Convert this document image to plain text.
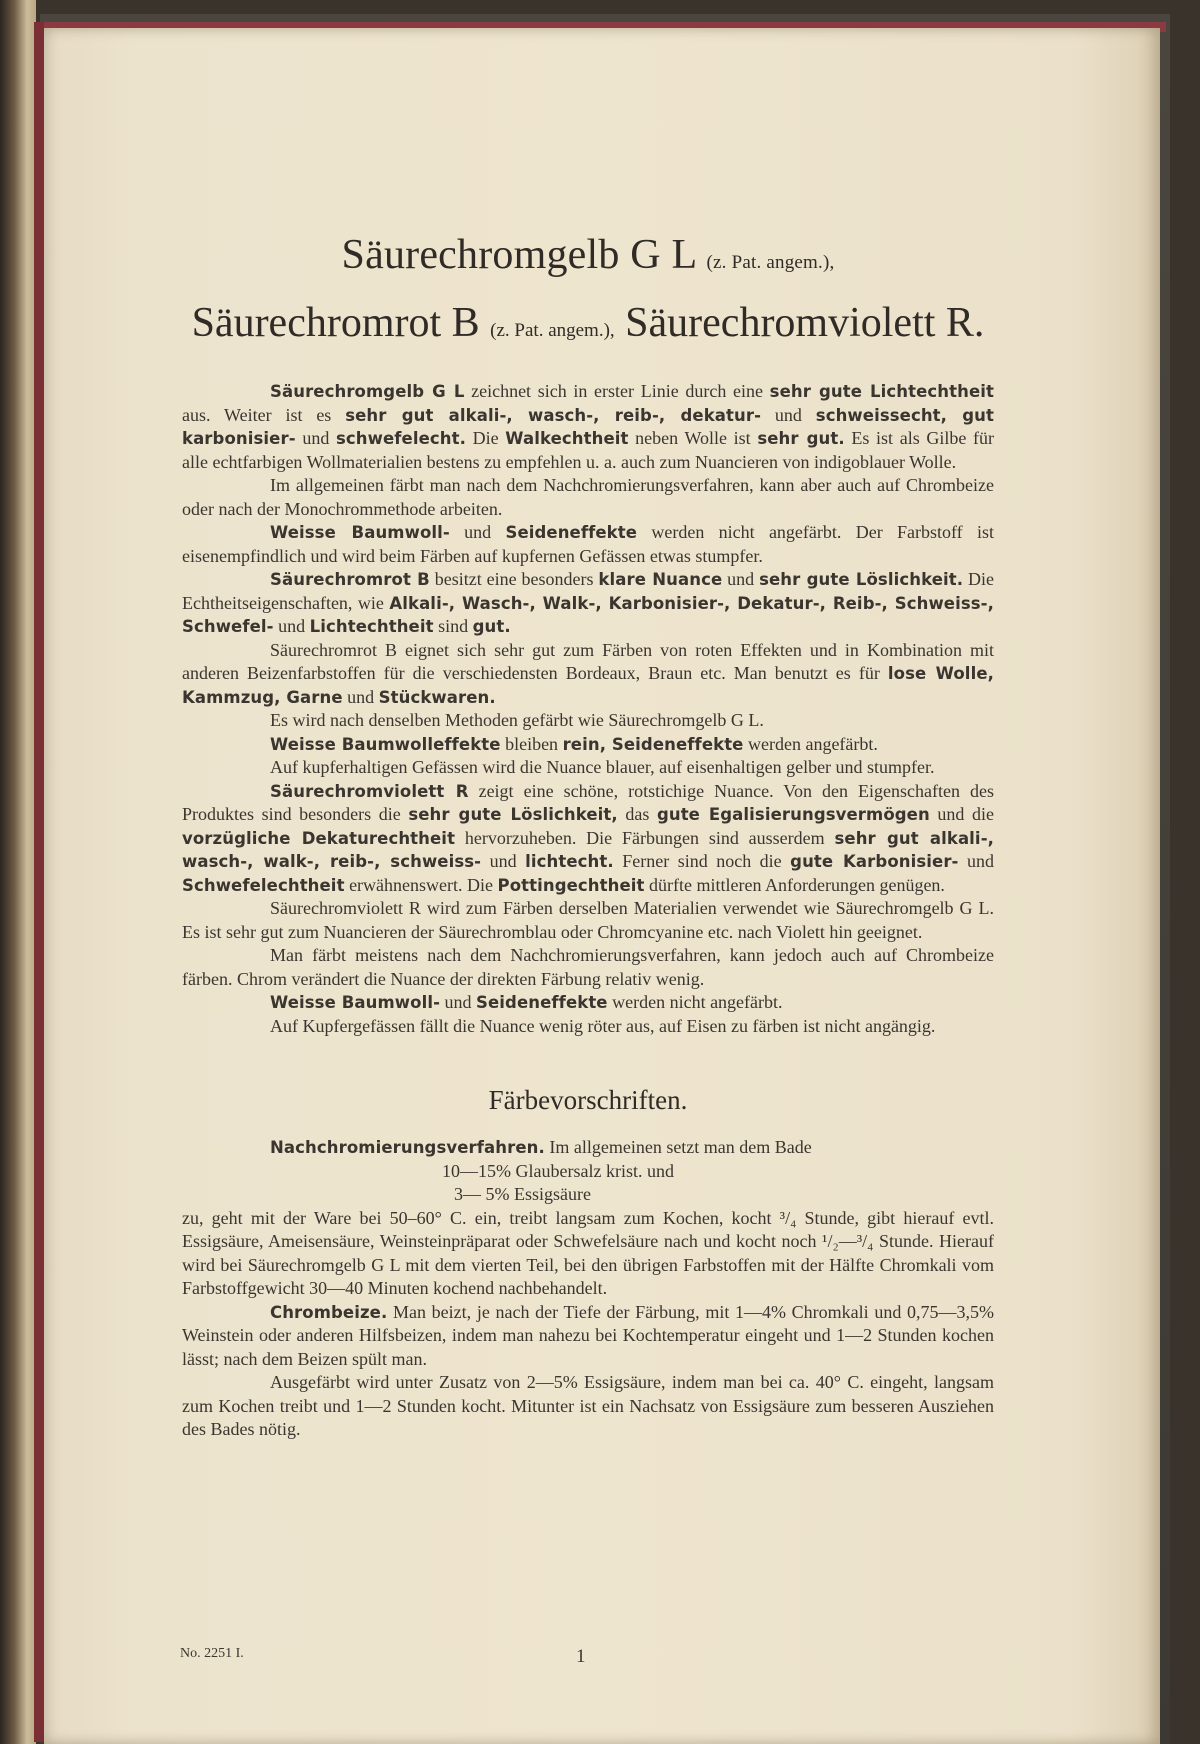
Säurechromgelb G L (z. Pat. angem.),
Säurechromrot B (z. Pat. angem.), Säurechromviolett R.

Säurechromgelb G L zeichnet sich in erster Linie durch eine sehr gute Lichtechtheit aus. Weiter ist es sehr gut alkali-, wasch-, reib-, dekatur- und schweissecht, gut karbonisier- und schwefelecht. Die Walkechtheit neben Wolle ist sehr gut. Es ist als Gilbe für alle echtfarbigen Wollmaterialien bestens zu empfehlen u. a. auch zum Nuancieren von indigoblauer Wolle.

Im allgemeinen färbt man nach dem Nachchromierungsverfahren, kann aber auch auf Chrombeize oder nach der Monochrommethode arbeiten.

Weisse Baumwoll- und Seideneffekte werden nicht angefärbt. Der Farbstoff ist eisenempfindlich und wird beim Färben auf kupfernen Gefässen etwas stumpfer.

Säurechromrot B besitzt eine besonders klare Nuance und sehr gute Löslichkeit. Die Echtheitseigenschaften, wie Alkali-, Wasch-, Walk-, Karbonisier-, Dekatur-, Reib-, Schweiss-, Schwefel- und Lichtechtheit sind gut.

Säurechromrot B eignet sich sehr gut zum Färben von roten Effekten und in Kombination mit anderen Beizenfarbstoffen für die verschiedensten Bordeaux, Braun etc. Man benutzt es für lose Wolle, Kammzug, Garne und Stückwaren.

Es wird nach denselben Methoden gefärbt wie Säurechromgelb G L.

Weisse Baumwolleffekte bleiben rein, Seideneffekte werden angefärbt.

Auf kupferhaltigen Gefässen wird die Nuance blauer, auf eisenhaltigen gelber und stumpfer.

Säurechromviolett R zeigt eine schöne, rotstichige Nuance. Von den Eigenschaften des Produktes sind besonders die sehr gute Löslichkeit, das gute Egalisierungsvermögen und die vorzügliche Dekaturechtheit hervorzuheben. Die Färbungen sind ausserdem sehr gut alkali-, wasch-, walk-, reib-, schweiss- und lichtecht. Ferner sind noch die gute Karbonisier- und Schwefelechtheit erwähnenswert. Die Pottingechtheit dürfte mittleren Anforderungen genügen.

Säurechromviolett R wird zum Färben derselben Materialien verwendet wie Säurechromgelb G L. Es ist sehr gut zum Nuancieren der Säurechromblau oder Chromcyanine etc. nach Violett hin geeignet.

Man färbt meistens nach dem Nachchromierungsverfahren, kann jedoch auch auf Chrombeize färben. Chrom verändert die Nuance der direkten Färbung relativ wenig.

Weisse Baumwoll- und Seideneffekte werden nicht angefärbt.

Auf Kupfergefässen fällt die Nuance wenig röter aus, auf Eisen zu färben ist nicht angängig.

Färbevorschriften.

Nachchromierungsverfahren. Im allgemeinen setzt man dem Bade

10—15% Glaubersalz krist. und

3— 5% Essigsäure

zu, geht mit der Ware bei 50–60° C. ein, treibt langsam zum Kochen, kocht ³/₄ Stunde, gibt hierauf evtl. Essigsäure, Ameisensäure, Weinsteinpräparat oder Schwefelsäure nach und kocht noch ¹/₂—³/₄ Stunde. Hierauf wird bei Säurechromgelb G L mit dem vierten Teil, bei den übrigen Farbstoffen mit der Hälfte Chromkali vom Farbstoffgewicht 30—40 Minuten kochend nachbehandelt.

Chrombeize. Man beizt, je nach der Tiefe der Färbung, mit 1—4% Chromkali und 0,75—3,5% Weinstein oder anderen Hilfsbeizen, indem man nahezu bei Kochtemperatur eingeht und 1—2 Stunden kochen lässt; nach dem Beizen spült man.

Ausgefärbt wird unter Zusatz von 2—5% Essigsäure, indem man bei ca. 40° C. eingeht, langsam zum Kochen treibt und 1—2 Stunden kocht. Mitunter ist ein Nachsatz von Essigsäure zum besseren Ausziehen des Bades nötig.

No. 2251 I.	1
